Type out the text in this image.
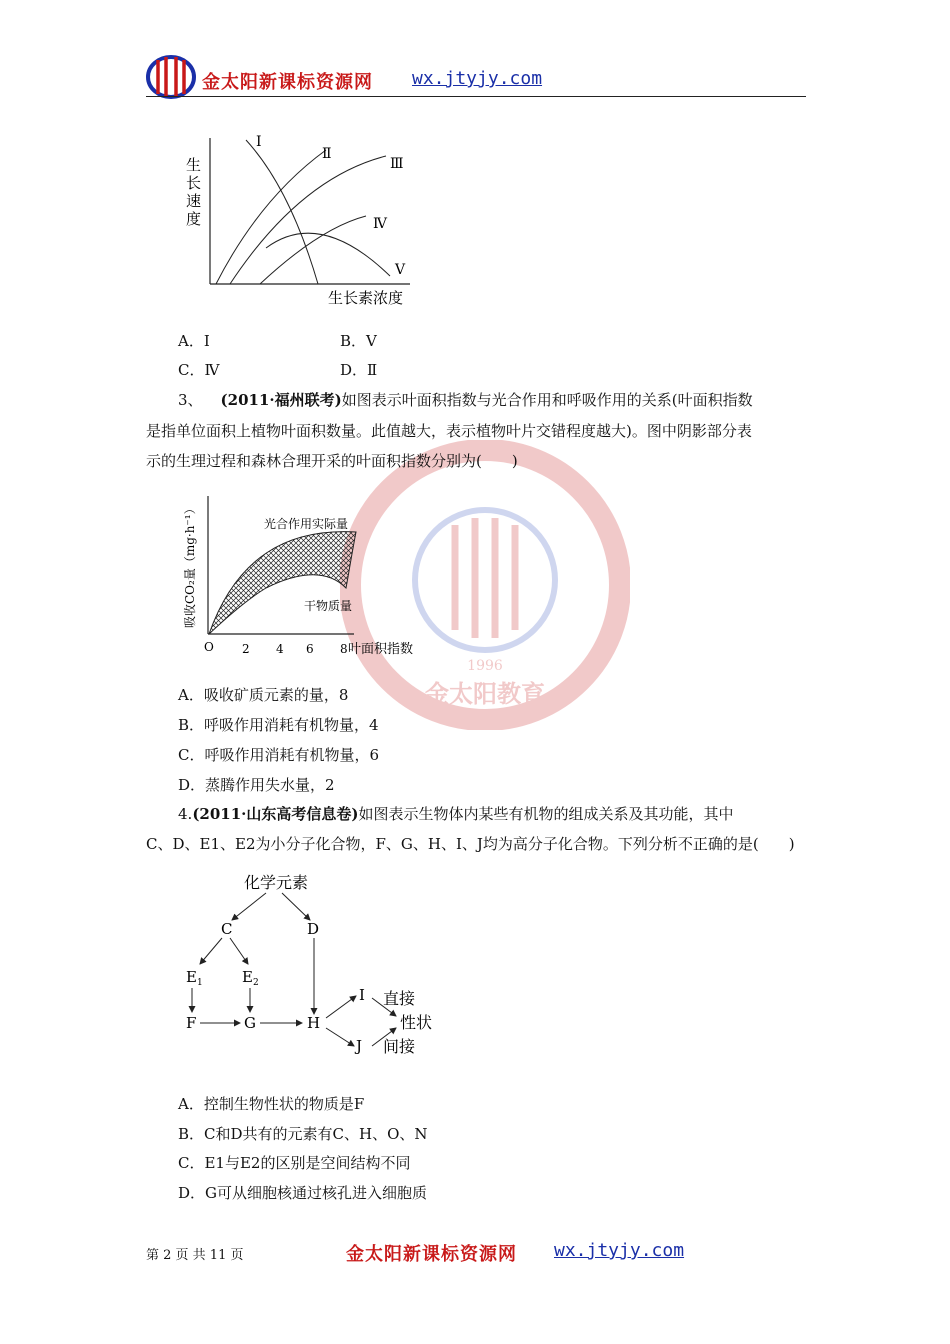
金太阳新课标资源网 wx.jtyjy.com
ON RESEARCH INSTITUTE
1996
金太阳教育
生
长
速
度
生长素浓度
Ⅰ
Ⅱ
Ⅲ
Ⅳ
Ⅴ
A．Ⅰ	B．Ⅴ
C．Ⅳ	D．Ⅱ
3、 (2011·福州联考)如图表示叶面积指数与光合作用和呼吸作用的关系(叶面积指数
是指单位面积上植物叶面积数量。此值越大，表示植物叶片交错程度越大)。图中阴影部分表
示的生理过程和森林合理开采的叶面积指数分别为(　　)
吸收CO₂量（mg·h⁻¹）
O 2 4 6 8 叶面积指数
光合作用实际量
干物质量
A．吸收矿质元素的量，8
B．呼吸作用消耗有机物量，4
C．呼吸作用消耗有机物量，6
D．蒸腾作用失水量，2
4.(2011·山东高考信息卷)如图表示生物体内某些有机物的组成关系及其功能，其中
C、D、E1、E2为小分子化合物，F、G、H、I、J均为高分子化合物。下列分析不正确的是(　　)
化学元素
C	D
$E_1$	$E_2$
F	G	H
I
J
直接
性状
间接
A．控制生物性状的物质是F
B．C和D共有的元素有C、H、O、N
C．E1与E2的区别是空间结构不同
D．G可从细胞核通过核孔进入细胞质
第 2 页 共 11 页	金太阳新课标资源网 wx.jtyjy.com
